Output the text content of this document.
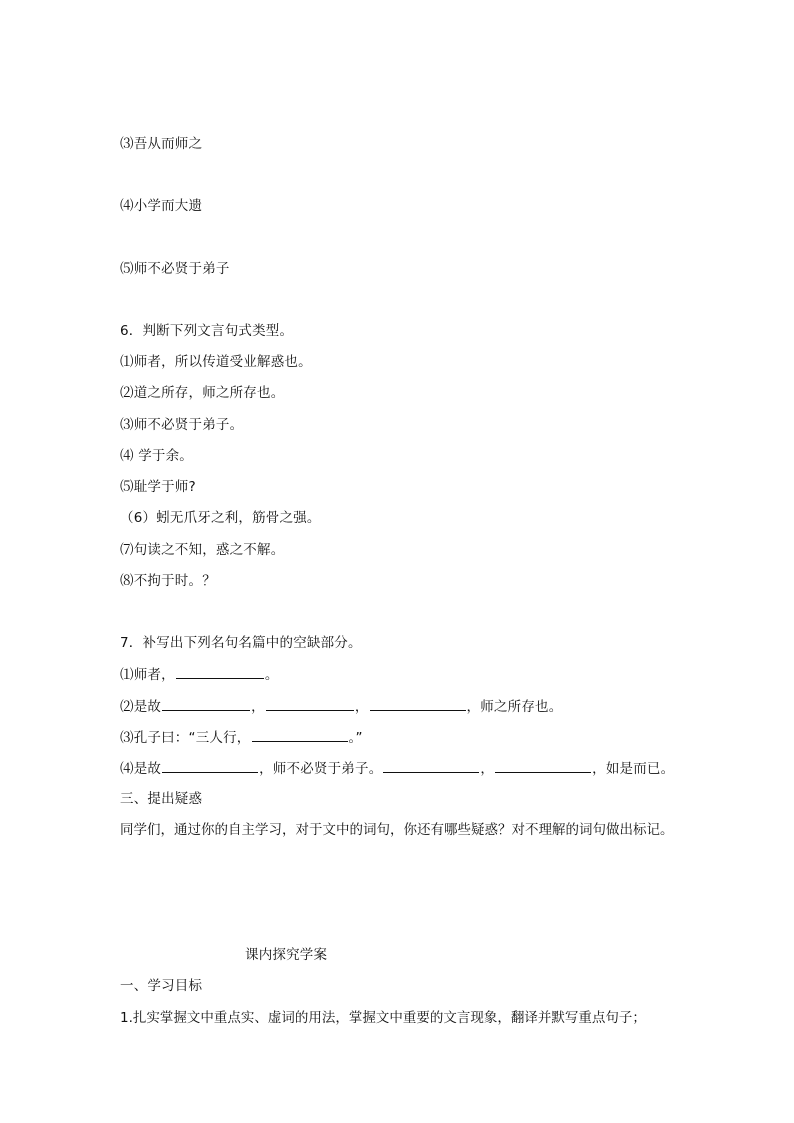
⑶吾从而师之
⑷小学而大遗
⑸师不必贤于弟子
6．判断下列文言句式类型。
⑴师者，所以传道受业解惑也。
⑵道之所存，师之所存也。
⑶师不必贤于弟子。
⑷ 学于余。
⑸耻学于师?
（6）蚓无爪牙之利，筋骨之强。
⑺句读之不知，惑之不解。
⑻不拘于时。？
7．补写出下列名句名篇中的空缺部分。
⑴师者，	。
⑵是故	，	，	，师之所存也。
⑶孔子曰：“三人行，	。”
⑷是故	，师不必贤于弟子。	，	，如是而已。
三、提出疑惑
同学们，通过你的自主学习，对于文中的词句，你还有哪些疑惑？对不理解的词句做出标记。
课内探究学案
一、学习目标
1.扎实掌握文中重点实、虚词的用法，掌握文中重要的文言现象，翻译并默写重点句子；
